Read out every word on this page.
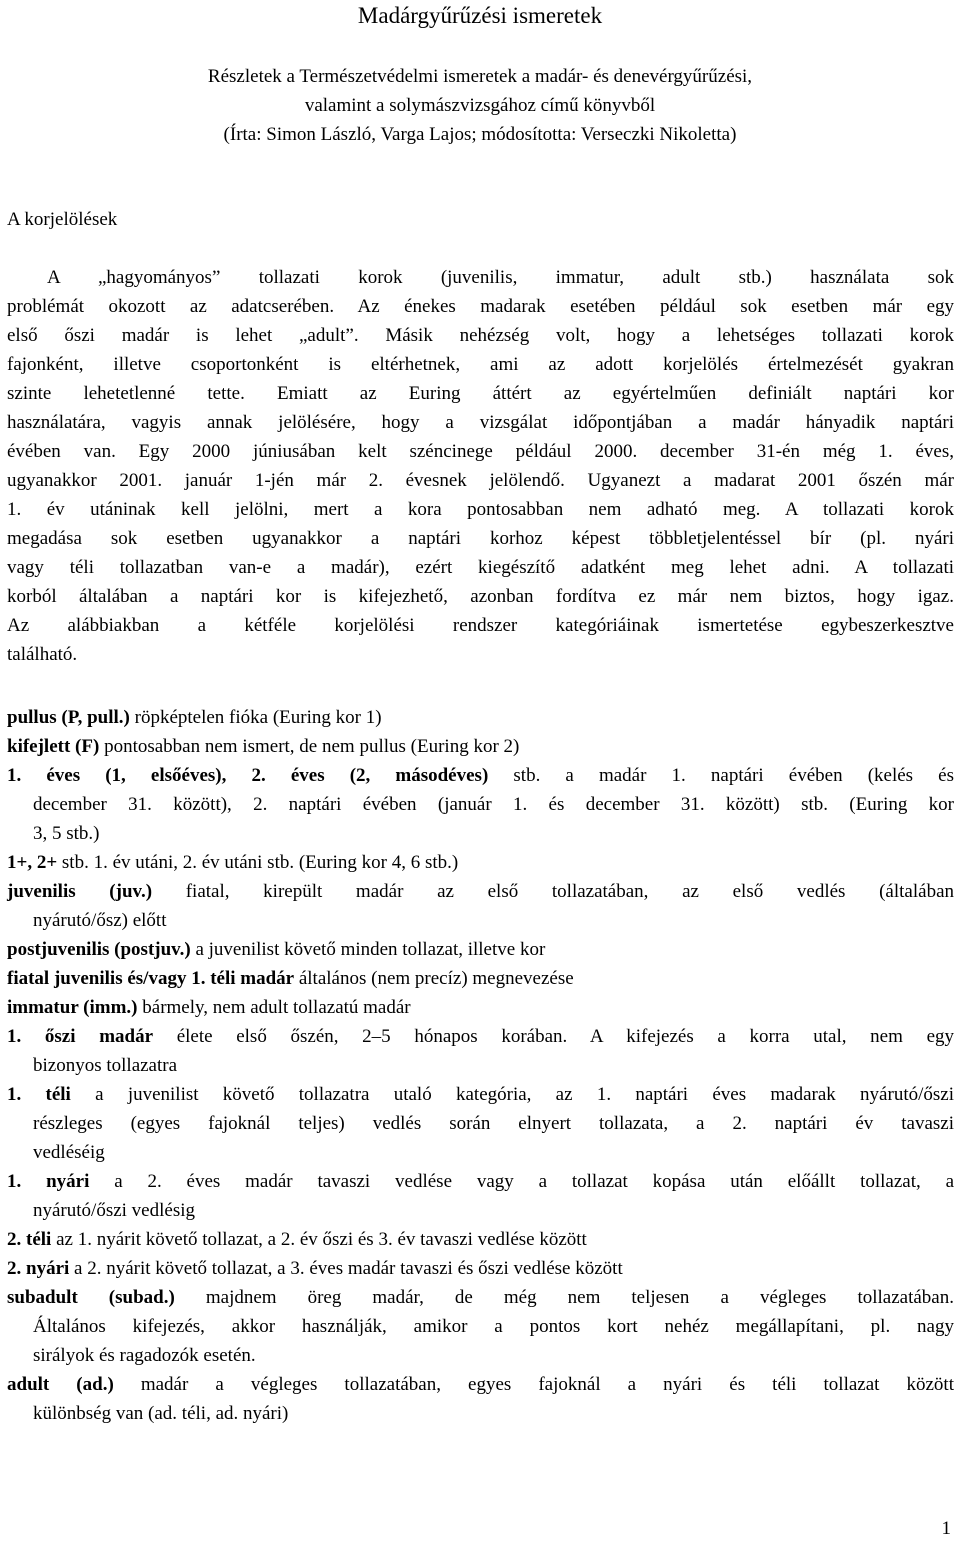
Madárgyűrűzési ismeretek
Részletek a Természetvédelmi ismeretek a madár- és denevérgyűrűzési,
valamint a solymászvizsgához című könyvből
(Írta: Simon László, Varga Lajos; módosította: Verseczki Nikoletta)
A korjelölések
A „hagyományos” tollazati korok (juvenilis, immatur, adult stb.) használata sok
problémát okozott az adatcserében. Az énekes madarak esetében például sok esetben már egy
első őszi madár is lehet „adult”. Másik nehézség volt, hogy a lehetséges tollazati korok
fajonként, illetve csoportonként is eltérhetnek, ami az adott korjelölés értelmezését gyakran
szinte lehetetlenné tette. Emiatt az Euring áttért az egyértelműen definiált naptári kor
használatára, vagyis annak jelölésére, hogy a vizsgálat időpontjában a madár hányadik naptári
évében van. Egy 2000 júniusában kelt széncinege például 2000. december 31-én még 1. éves,
ugyanakkor 2001. január 1-jén már 2. évesnek jelölendő. Ugyanezt a madarat 2001 őszén már
1. év utáninak kell jelölni, mert a kora pontosabban nem adható meg. A tollazati korok
megadása sok esetben ugyanakkor a naptári korhoz képest többletjelentéssel bír (pl. nyári
vagy téli tollazatban van-e a madár), ezért kiegészítő adatként meg lehet adni. A tollazati
korból általában a naptári kor is kifejezhető, azonban fordítva ez már nem biztos, hogy igaz.
Az alábbiakban a kétféle korjelölési rendszer kategóriáinak ismertetése egybeszerkesztve
található.
pullus (P, pull.) röpképtelen fióka (Euring kor 1)
kifejlett (F) pontosabban nem ismert, de nem pullus (Euring kor 2)
1. éves (1, elsőéves), 2. éves (2, másodéves) stb. a madár 1. naptári évében (kelés és
december 31. között), 2. naptári évében (január 1. és december 31. között) stb. (Euring kor
3, 5 stb.)
1+, 2+ stb. 1. év utáni, 2. év utáni stb. (Euring kor 4, 6 stb.)
juvenilis (juv.) fiatal, kirepült madár az első tollazatában, az első vedlés (általában
nyárutó/ősz) előtt
postjuvenilis (postjuv.) a juvenilist követő minden tollazat, illetve kor
fiatal juvenilis és/vagy 1. téli madár általános (nem precíz) megnevezése
immatur (imm.) bármely, nem adult tollazatú madár
1. őszi madár élete első őszén, 2–5 hónapos korában. A kifejezés a korra utal, nem egy
bizonyos tollazatra
1. téli a juvenilist követő tollazatra utaló kategória, az 1. naptári éves madarak nyárutó/őszi
részleges (egyes fajoknál teljes) vedlés során elnyert tollazata, a 2. naptári év tavaszi
vedléséig
1. nyári a 2. éves madár tavaszi vedlése vagy a tollazat kopása után előállt tollazat, a
nyárutó/őszi vedlésig
2. téli az 1. nyárit követő tollazat, a 2. év őszi és 3. év tavaszi vedlése között
2. nyári a 2. nyárit követő tollazat, a 3. éves madár tavaszi és őszi vedlése között
subadult (subad.) majdnem öreg madár, de még nem teljesen a végleges tollazatában.
Általános kifejezés, akkor használják, amikor a pontos kort nehéz megállapítani, pl. nagy
sirályok és ragadozók esetén.
adult (ad.) madár a végleges tollazatában, egyes fajoknál a nyári és téli tollazat között
különbség van (ad. téli, ad. nyári)
1
